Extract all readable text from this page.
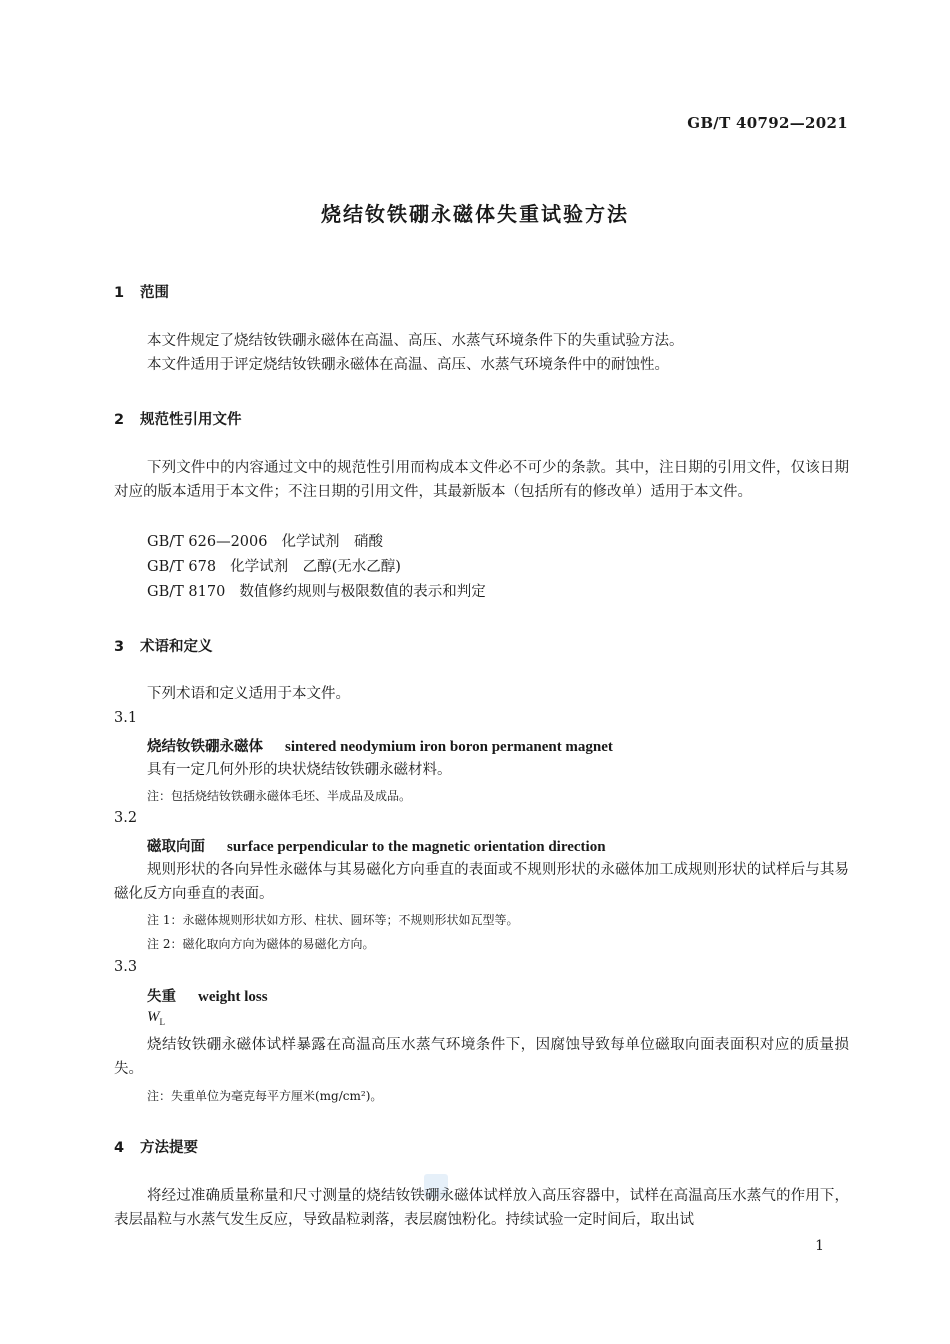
GB/T 40792—2021
烧结钕铁硼永磁体失重试验方法
1 范围
本文件规定了烧结钕铁硼永磁体在高温、高压、水蒸气环境条件下的失重试验方法。
本文件适用于评定烧结钕铁硼永磁体在高温、高压、水蒸气环境条件中的耐蚀性。
2 规范性引用文件
下列文件中的内容通过文中的规范性引用而构成本文件必不可少的条款。其中，注日期的引用文件，仅该日期对应的版本适用于本文件；不注日期的引用文件，其最新版本（包括所有的修改单）适用于本文件。
GB/T 626—2006 化学试剂　硝酸
GB/T 678 化学试剂　乙醇(无水乙醇)
GB/T 8170 数值修约规则与极限数值的表示和判定
3 术语和定义
下列术语和定义适用于本文件。
3.1
烧结钕铁硼永磁体 sintered neodymium iron boron permanent magnet
具有一定几何外形的块状烧结钕铁硼永磁材料。
注：包括烧结钕铁硼永磁体毛坯、半成品及成品。
3.2
磁取向面 surface perpendicular to the magnetic orientation direction
规则形状的各向异性永磁体与其易磁化方向垂直的表面或不规则形状的永磁体加工成规则形状的试样后与其易磁化反方向垂直的表面。
注 1：永磁体规则形状如方形、柱状、圆环等；不规则形状如瓦型等。
注 2：磁化取向方向为磁体的易磁化方向。
3.3
失重 weight loss
$W_L$
烧结钕铁硼永磁体试样暴露在高温高压水蒸气环境条件下，因腐蚀导致每单位磁取向面表面积对应的质量损失。
注：失重单位为毫克每平方厘米(mg/cm²)。
4 方法提要
将经过准确质量称量和尺寸测量的烧结钕铁硼永磁体试样放入高压容器中，试样在高温高压水蒸气的作用下，表层晶粒与水蒸气发生反应，导致晶粒剥落，表层腐蚀粉化。持续试验一定时间后，取出试
1
